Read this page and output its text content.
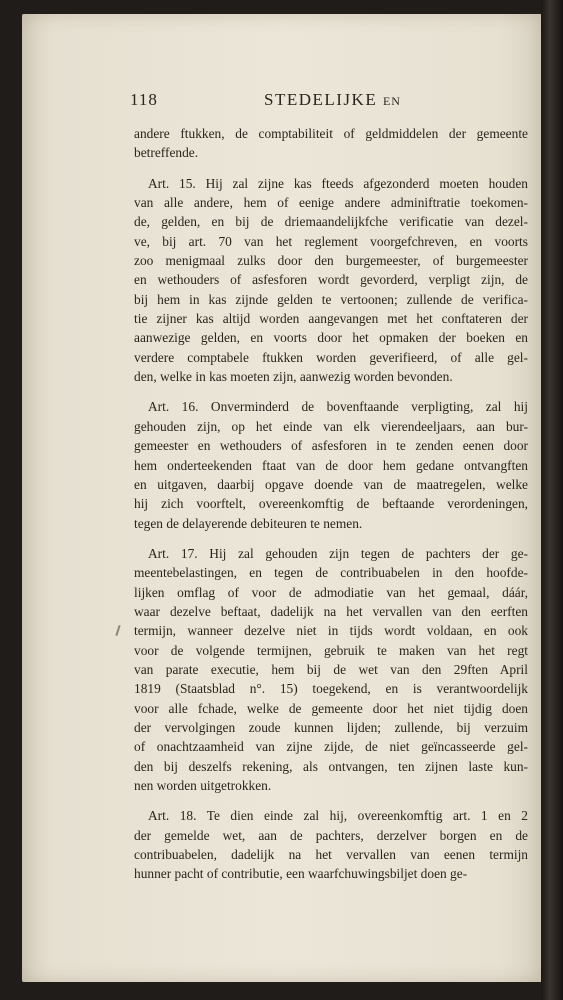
118	STEDELIJKE EN
andere ftukken, de comptabiliteit of geldmiddelen der gemeente
betreffende.
Art. 15. Hij zal zijne kas fteeds afgezonderd moeten houden
van alle andere, hem of eenige andere adminiftratie toekomen-
de, gelden, en bij de driemaandelijkfche verificatie van dezel-
ve, bij art. 70 van het reglement voorgefchreven, en voorts
zoo menigmaal zulks door den burgemeester, of burgemeester
en wethouders of asfesforen wordt gevorderd, verpligt zijn, de
bij hem in kas zijnde gelden te vertoonen; zullende de verifica-
tie zijner kas altijd worden aangevangen met het conftateren der
aanwezige gelden, en voorts door het opmaken der boeken en
verdere comptabele ftukken worden geverifieerd, of alle gel-
den, welke in kas moeten zijn, aanwezig worden bevonden.
Art. 16. Onverminderd de bovenftaande verpligting, zal hij
gehouden zijn, op het einde van elk vierendeeljaars, aan bur-
gemeester en wethouders of asfesforen in te zenden eenen door
hem onderteekenden ftaat van de door hem gedane ontvangften
en uitgaven, daarbij opgave doende van de maatregelen, welke
hij zich voorftelt, overeenkomftig de beftaande verordeningen,
tegen de delayerende debiteuren te nemen.
Art. 17. Hij zal gehouden zijn tegen de pachters der ge-
meentebelastingen, en tegen de contribuabelen in den hoofde-
lijken omflag of voor de admodiatie van het gemaal, dáár,
waar dezelve beftaat, dadelijk na het vervallen van den eerften
termijn, wanneer dezelve niet in tijds wordt voldaan, en ook
voor de volgende termijnen, gebruik te maken van het regt
van parate executie, hem bij de wet van den 29ften April
1819 (Staatsblad n°. 15) toegekend, en is verantwoordelijk
voor alle fchade, welke de gemeente door het niet tijdig doen
der vervolgingen zoude kunnen lijden; zullende, bij verzuim
of onachtzaamheid van zijne zijde, de niet geïncasseerde gel-
den bij deszelfs rekening, als ontvangen, ten zijnen laste kun-
nen worden uitgetrokken.
Art. 18. Te dien einde zal hij, overeenkomftig art. 1 en 2
der gemelde wet, aan de pachters, derzelver borgen en de
contribuabelen, dadelijk na het vervallen van eenen termijn
hunner pacht of contributie, een waarfchuwingsbiljet doen ge-
